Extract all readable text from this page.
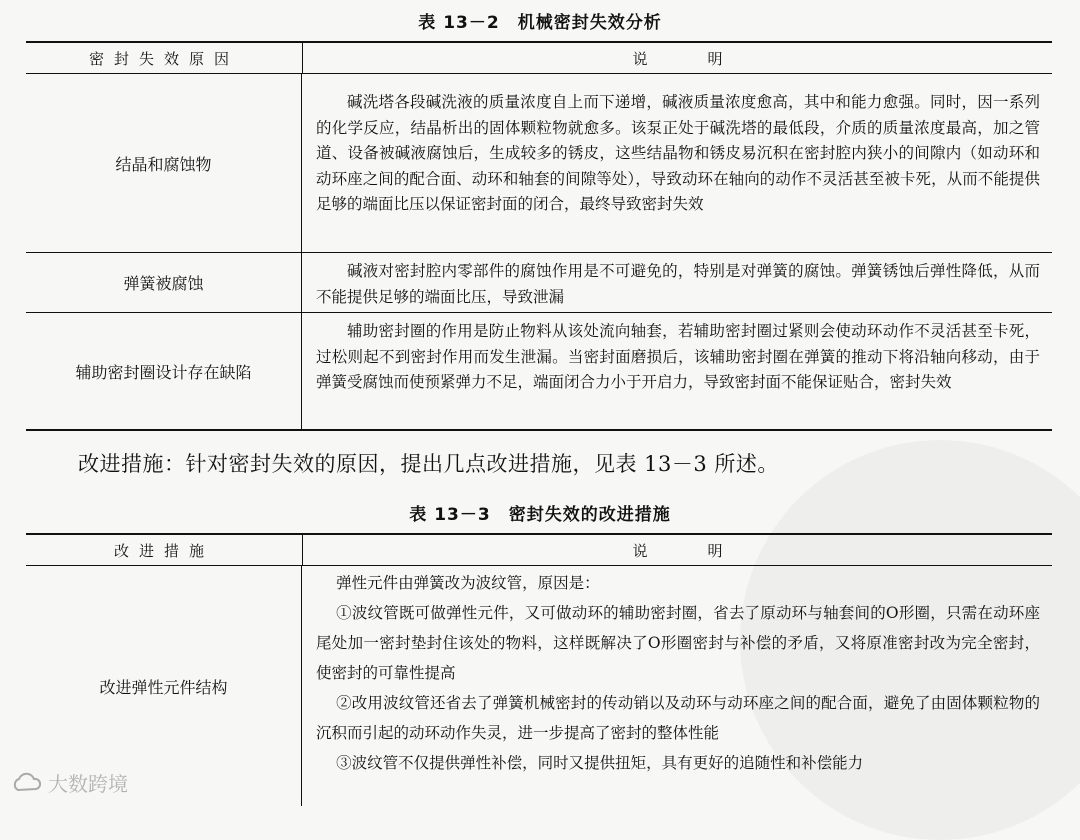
表 13－2　机械密封失效分析
密封失效原因	说明
结晶和腐蚀物

碱洗塔各段碱洗液的质量浓度自上而下递增，碱液质量浓度愈高，其中和能力愈强。同时，因一系列的化学反应，结晶析出的固体颗粒物就愈多。该泵正处于碱洗塔的最低段，介质的质量浓度最高，加之管道、设备被碱液腐蚀后，生成较多的锈皮，这些结晶物和锈皮易沉积在密封腔内狭小的间隙内（如动环和动环座之间的配合面、动环和轴套的间隙等处），导致动环在轴向的动作不灵活甚至被卡死，从而不能提供足够的端面比压以保证密封面的闭合，最终导致密封失效

弹簧被腐蚀

碱液对密封腔内零部件的腐蚀作用是不可避免的，特别是对弹簧的腐蚀。弹簧锈蚀后弹性降低，从而不能提供足够的端面比压，导致泄漏

辅助密封圈设计存在缺陷

辅助密封圈的作用是防止物料从该处流向轴套，若辅助密封圈过紧则会使动环动作不灵活甚至卡死，过松则起不到密封作用而发生泄漏。当密封面磨损后，该辅助密封圈在弹簧的推动下将沿轴向移动，由于弹簧受腐蚀而使预紧弹力不足，端面闭合力小于开启力，导致密封面不能保证贴合，密封失效

改进措施：针对密封失效的原因，提出几点改进措施，见表 13－3 所述。
表 13－3　密封失效的改进措施
改进措施	说明
改进弹性元件结构

弹性元件由弹簧改为波纹管，原因是：

①波纹管既可做弹性元件，又可做动环的辅助密封圈，省去了原动环与轴套间的O形圈，只需在动环座尾处加一密封垫封住该处的物料，这样既解决了O形圈密封与补偿的矛盾，又将原准密封改为完全密封，使密封的可靠性提高

②改用波纹管还省去了弹簧机械密封的传动销以及动环与动环座之间的配合面，避免了由固体颗粒物的沉积而引起的动环动作失灵，进一步提高了密封的整体性能

③波纹管不仅提供弹性补偿，同时又提供扭矩，具有更好的追随性和补偿能力

大数跨境
